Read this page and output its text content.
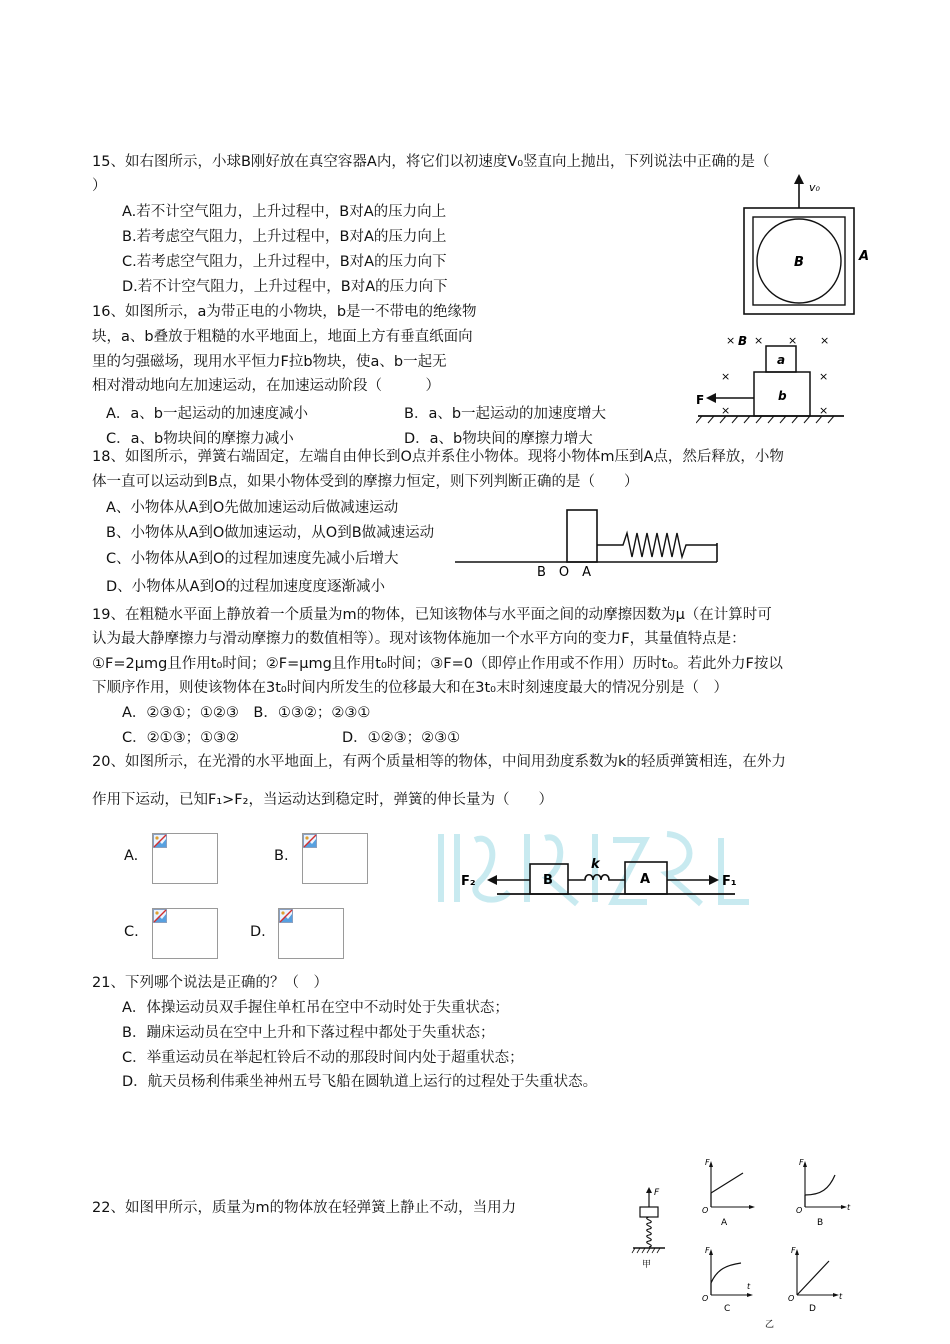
15、如右图所示，小球B刚好放在真空容器A内，将它们以初速度V₀竖直向上抛出，下列说法中正确的是（
）
A.若不计空气阻力，上升过程中，B对A的压力向上
B.若考虑空气阻力，上升过程中，B对A的压力向上
C.若考虑空气阻力，上升过程中，B对A的压力向下
D.若不计空气阻力，上升过程中，B对A的压力向下
v₀
B	A
16、如图所示，a为带正电的小物块，b是一不带电的绝缘物
块，a、b叠放于粗糙的水平地面上，地面上方有垂直纸面向
里的匀强磁场，现用水平恒力F拉b物块，使a、b一起无
相对滑动地向左加速运动，在加速运动阶段（　　　）
A．a、b一起运动的加速度减小	B．a、b一起运动的加速度增大
C．a、b物块间的摩擦力减小	D．a、b物块间的摩擦力增大
× × × ×
×	×
×	×
B
a
b
F
18、如图所示，弹簧右端固定，左端自由伸长到O点并系住小物体。现将小物体m压到A点，然后释放，小物
体一直可以运动到B点，如果小物体受到的摩擦力恒定，则下列判断正确的是（　　）
A、小物体从A到O先做加速运动后做减速运动
B、小物体从A到O做加速运动，从O到B做减速运动
C、小物体从A到O的过程加速度先减小后增大
D、小物体从A到O的过程加速度度逐渐减小
B　O　A
19、在粗糙水平面上静放着一个质量为m的物体，已知该物体与水平面之间的动摩擦因数为μ（在计算时可
认为最大静摩擦力与滑动摩擦力的数值相等）。现对该物体施加一个水平方向的变力F，其量值特点是：
①F=2μmg且作用t₀时间；②F=μmg且作用t₀时间；③F=0（即停止作用或不作用）历时t₀。若此外力F按以
下顺序作用，则使该物体在3t₀时间内所发生的位移最大和在3t₀末时刻速度最大的情况分别是（　）
A．②③①；①②③　B．①③②；②③①
C．②①③；①③②	D．①②③；②③①
20、如图所示，在光滑的水平地面上，有两个质量相等的物体，中间用劲度系数为k的轻质弹簧相连，在外力
作用下运动，已知F₁>F₂，当运动达到稳定时，弹簧的伸长量为（　　）
A.	B.
C.	D.
B
k
A
F₂	F₁
21、下列哪个说法是正确的？（　）
A．体操运动员双手握住单杠吊在空中不动时处于失重状态；
B．蹦床运动员在空中上升和下落过程中都处于失重状态；
C．举重运动员在举起杠铃后不动的那段时间内处于超重状态；
D．航天员杨利伟乘坐神州五号飞船在圆轨道上运行的过程处于失重状态。
22、如图甲所示，质量为m的物体放在轻弹簧上静止不动，当用力
F
甲
F
O
A
F
O	t
B
F
O
t
C
F
O	t
D
乙
